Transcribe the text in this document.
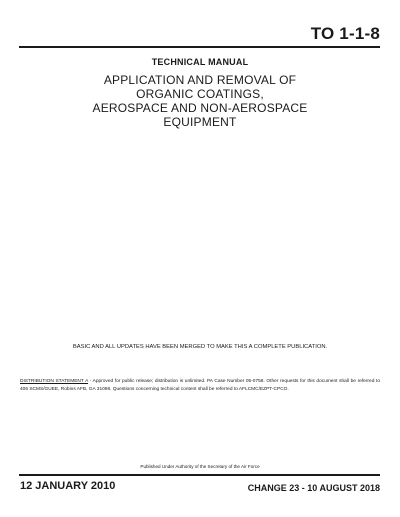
TO 1-1-8
TECHNICAL MANUAL
APPLICATION AND REMOVAL OF
ORGANIC COATINGS,
AEROSPACE AND NON-AEROSPACE
EQUIPMENT
BASIC AND ALL UPDATES HAVE BEEN MERGED TO MAKE THIS A COMPLETE PUBLICATION.
DISTRIBUTION STATEMENT A - Approved for public release; distribution is unlimited. PA Case Number 05-0758. Other requests for this document shall be referred to 406 SCMS/GUEE, Robins AFB, GA 31098. Questions concerning technical content shall be referred to AFLCMC/EZPT-CPCO.
Published Under Authority of the Secretary of the Air Force
12 JANUARY 2010	CHANGE 23 - 10 AUGUST 2018
